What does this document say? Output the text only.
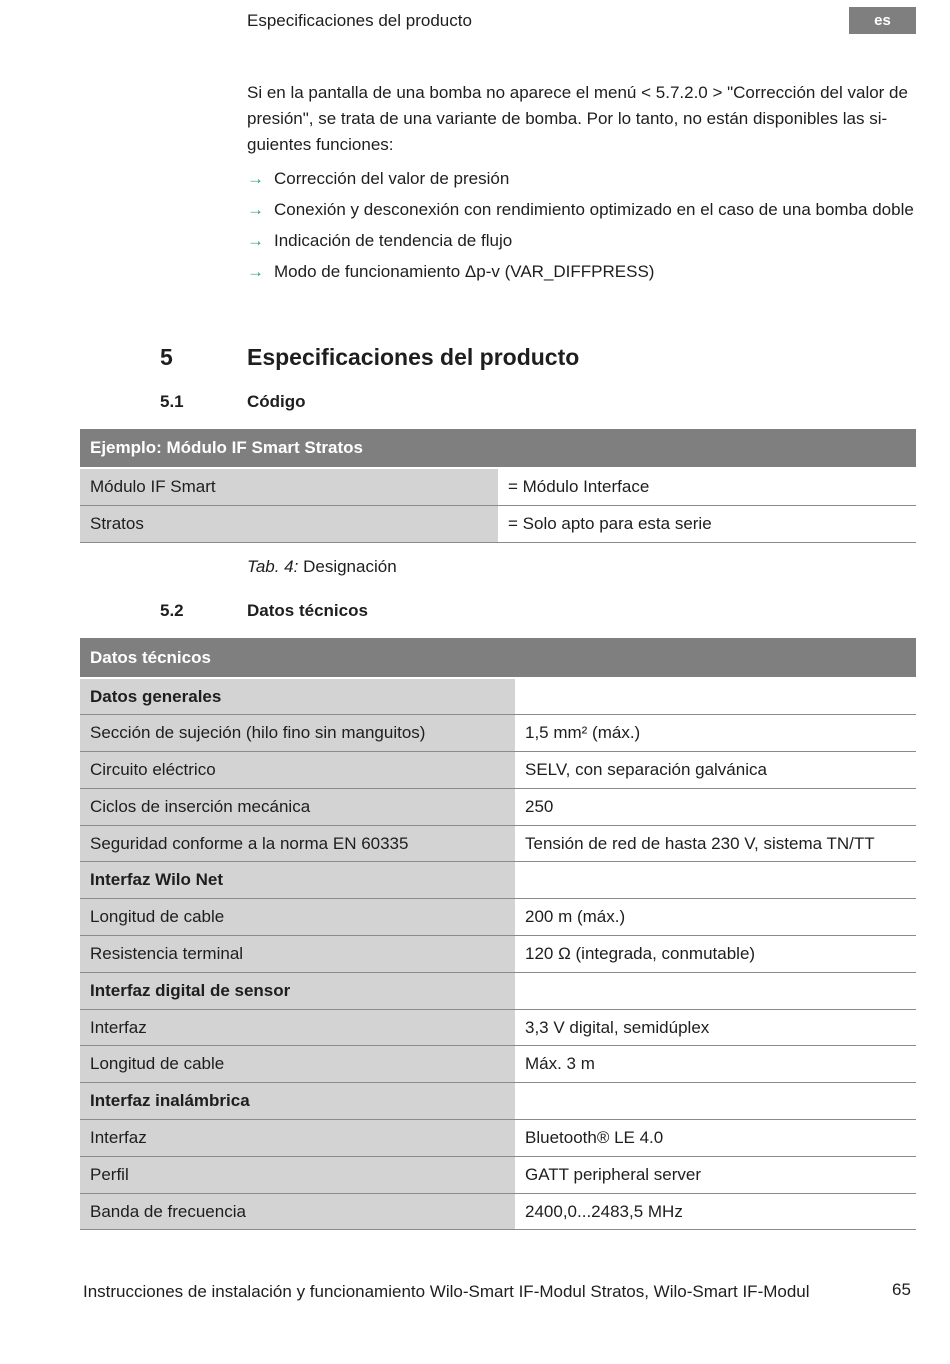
Especificaciones del producto	es
Si en la pantalla de una bomba no aparece el menú < 5.7.2.0 > "Corrección del valor de presión", se trata de una variante de bomba. Por lo tanto, no están disponibles las si-guientes funciones:
→ Corrección del valor de presión
→ Conexión y desconexión con rendimiento optimizado en el caso de una bomba doble
→ Indicación de tendencia de flujo
→ Modo de funcionamiento Δp-v (VAR_DIFFPRESS)
5	Especificaciones del producto
5.1	Código
Ejemplo: Módulo IF Smart Stratos	
Módulo IF Smart	= Módulo Interface
Stratos	= Solo apto para esta serie
Tab. 4: Designación
5.2	Datos técnicos
Datos técnicos	
Datos generales	
Sección de sujeción (hilo fino sin manguitos)	1,5 mm² (máx.)
Circuito eléctrico	SELV, con separación galvánica
Ciclos de inserción mecánica	250
Seguridad conforme a la norma EN 60335	Tensión de red de hasta 230 V, sistema TN/TT
Interfaz Wilo Net	
Longitud de cable	200 m (máx.)
Resistencia terminal	120 Ω (integrada, conmutable)
Interfaz digital de sensor	
Interfaz	3,3 V digital, semidúplex
Longitud de cable	Máx. 3 m
Interfaz inalámbrica	
Interfaz	Bluetooth® LE 4.0
Perfil	GATT peripheral server
Banda de frecuencia	2400,0...2483,5 MHz
Instrucciones de instalación y funcionamiento Wilo-Smart IF-Modul Stratos, Wilo-Smart IF-Modul	65
